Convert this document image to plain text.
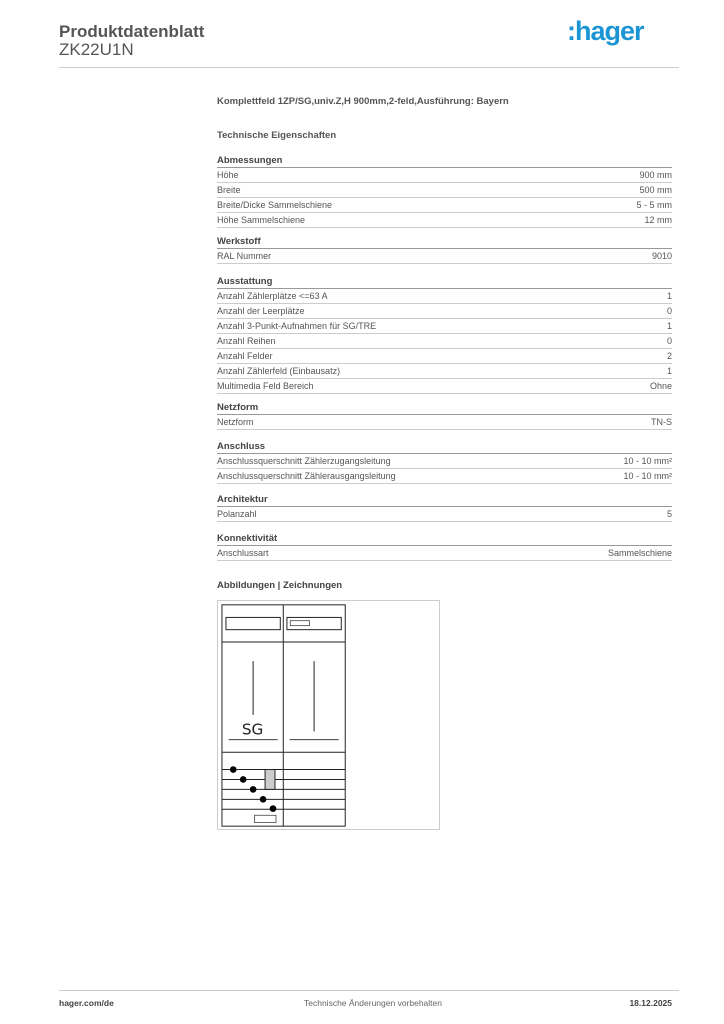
Produktdatenblatt
ZK22U1N
:hager
Komplettfeld 1ZP/SG,univ.Z,H 900mm,2-feld,Ausführung: Bayern
Technische Eigenschaften
Abmessungen
Höhe	900 mm
Breite	500 mm
Breite/Dicke Sammelschiene	5 - 5 mm
Höhe Sammelschiene	12 mm
Werkstoff
RAL Nummer	9010
Ausstattung
Anzahl Zählerplätze <=63 A	1
Anzahl der Leerplätze	0
Anzahl 3-Punkt-Aufnahmen für SG/TRE	1
Anzahl Reihen	0
Anzahl Felder	2
Anzahl Zählerfeld (Einbausatz)	1
Multimedia Feld Bereich	Ohne
Netzform
Netzform	TN-S
Anschluss
Anschlussquerschnitt Zählerzugangsleitung	10 - 10 mm²
Anschlussquerschnitt Zählerausgangsleitung	10 - 10 mm²
Architektur
Polanzahl	5
Konnektivität
Anschlussart	Sammelschiene
Abbildungen | Zeichnungen
SG
hager.com/de	Technische Änderungen vorbehalten	18.12.2025
